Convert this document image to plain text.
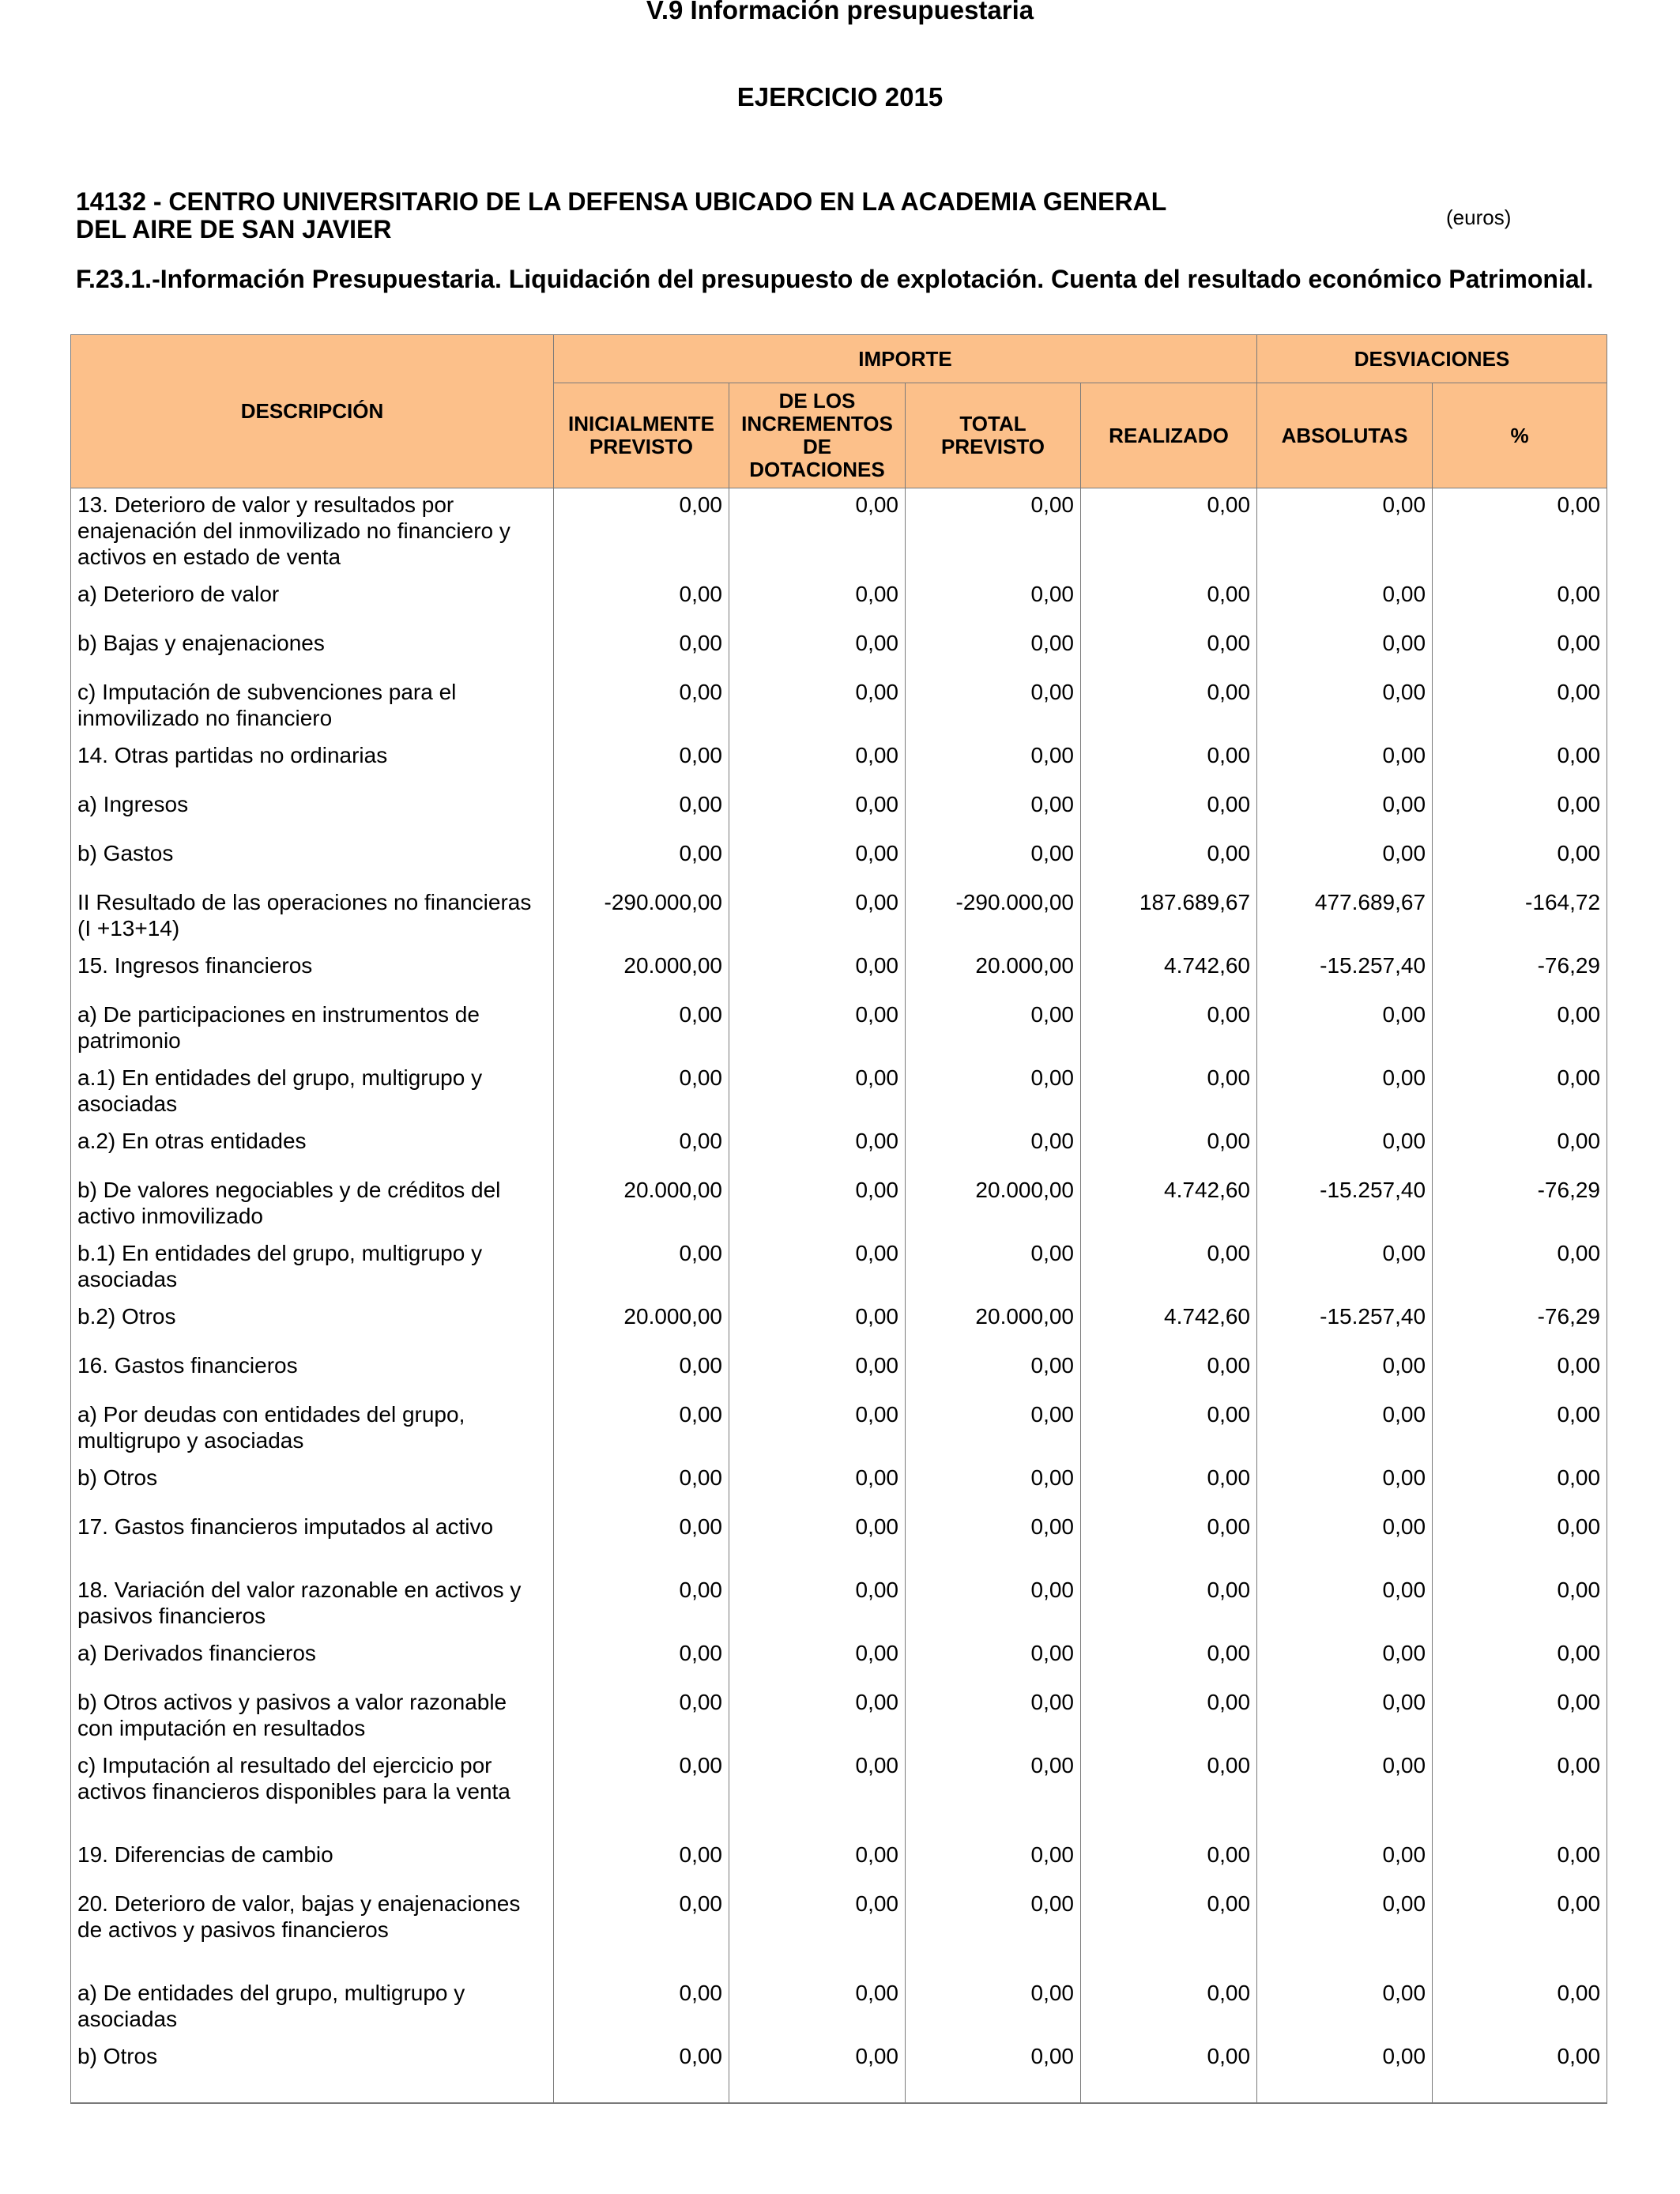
V.9 Información presupuestaria
EJERCICIO 2015
14132 - CENTRO UNIVERSITARIO DE LA DEFENSA UBICADO EN LA ACADEMIA GENERAL
DEL AIRE DE SAN JAVIER	(euros)
F.23.1.-Información Presupuestaria. Liquidación del presupuesto de explotación. Cuenta del resultado económico Patrimonial.
DESCRIPCIÓN	IMPORTE				DESVIACIONES	
	INICIALMENTE PREVISTO	DE LOS INCREMENTOS DE DOTACIONES	TOTAL PREVISTO	REALIZADO	ABSOLUTAS	%
13. Deterioro de valor y resultados por enajenación del inmovilizado no financiero y activos en estado de venta	0,00	0,00	0,00	0,00	0,00	0,00
a) Deterioro de valor	0,00	0,00	0,00	0,00	0,00	0,00
b) Bajas y enajenaciones	0,00	0,00	0,00	0,00	0,00	0,00
c) Imputación de subvenciones para el inmovilizado no financiero	0,00	0,00	0,00	0,00	0,00	0,00
14. Otras partidas no ordinarias	0,00	0,00	0,00	0,00	0,00	0,00
a) Ingresos	0,00	0,00	0,00	0,00	0,00	0,00
b) Gastos	0,00	0,00	0,00	0,00	0,00	0,00
II Resultado de las operaciones no financieras (I +13+14)	-290.000,00	0,00	-290.000,00	187.689,67	477.689,67	-164,72
15. Ingresos financieros	20.000,00	0,00	20.000,00	4.742,60	-15.257,40	-76,29
a) De participaciones en instrumentos de patrimonio	0,00	0,00	0,00	0,00	0,00	0,00
a.1) En entidades del grupo, multigrupo y asociadas	0,00	0,00	0,00	0,00	0,00	0,00
a.2) En otras entidades	0,00	0,00	0,00	0,00	0,00	0,00
b) De valores negociables y de créditos del activo inmovilizado	20.000,00	0,00	20.000,00	4.742,60	-15.257,40	-76,29
b.1) En entidades del grupo, multigrupo y asociadas	0,00	0,00	0,00	0,00	0,00	0,00
b.2) Otros	20.000,00	0,00	20.000,00	4.742,60	-15.257,40	-76,29
16. Gastos financieros	0,00	0,00	0,00	0,00	0,00	0,00
a) Por deudas con entidades del grupo, multigrupo y asociadas	0,00	0,00	0,00	0,00	0,00	0,00
b) Otros	0,00	0,00	0,00	0,00	0,00	0,00
17. Gastos financieros imputados al activo	0,00	0,00	0,00	0,00	0,00	0,00
18. Variación del valor razonable en activos y pasivos financieros	0,00	0,00	0,00	0,00	0,00	0,00
a) Derivados financieros	0,00	0,00	0,00	0,00	0,00	0,00
b) Otros activos y pasivos a valor razonable con imputación en resultados	0,00	0,00	0,00	0,00	0,00	0,00
c) Imputación al resultado del ejercicio por activos financieros disponibles para la venta	0,00	0,00	0,00	0,00	0,00	0,00
19. Diferencias de cambio	0,00	0,00	0,00	0,00	0,00	0,00
20. Deterioro de valor, bajas y enajenaciones de activos y pasivos financieros	0,00	0,00	0,00	0,00	0,00	0,00
a) De entidades del grupo, multigrupo y asociadas	0,00	0,00	0,00	0,00	0,00	0,00
b) Otros	0,00	0,00	0,00	0,00	0,00	0,00
